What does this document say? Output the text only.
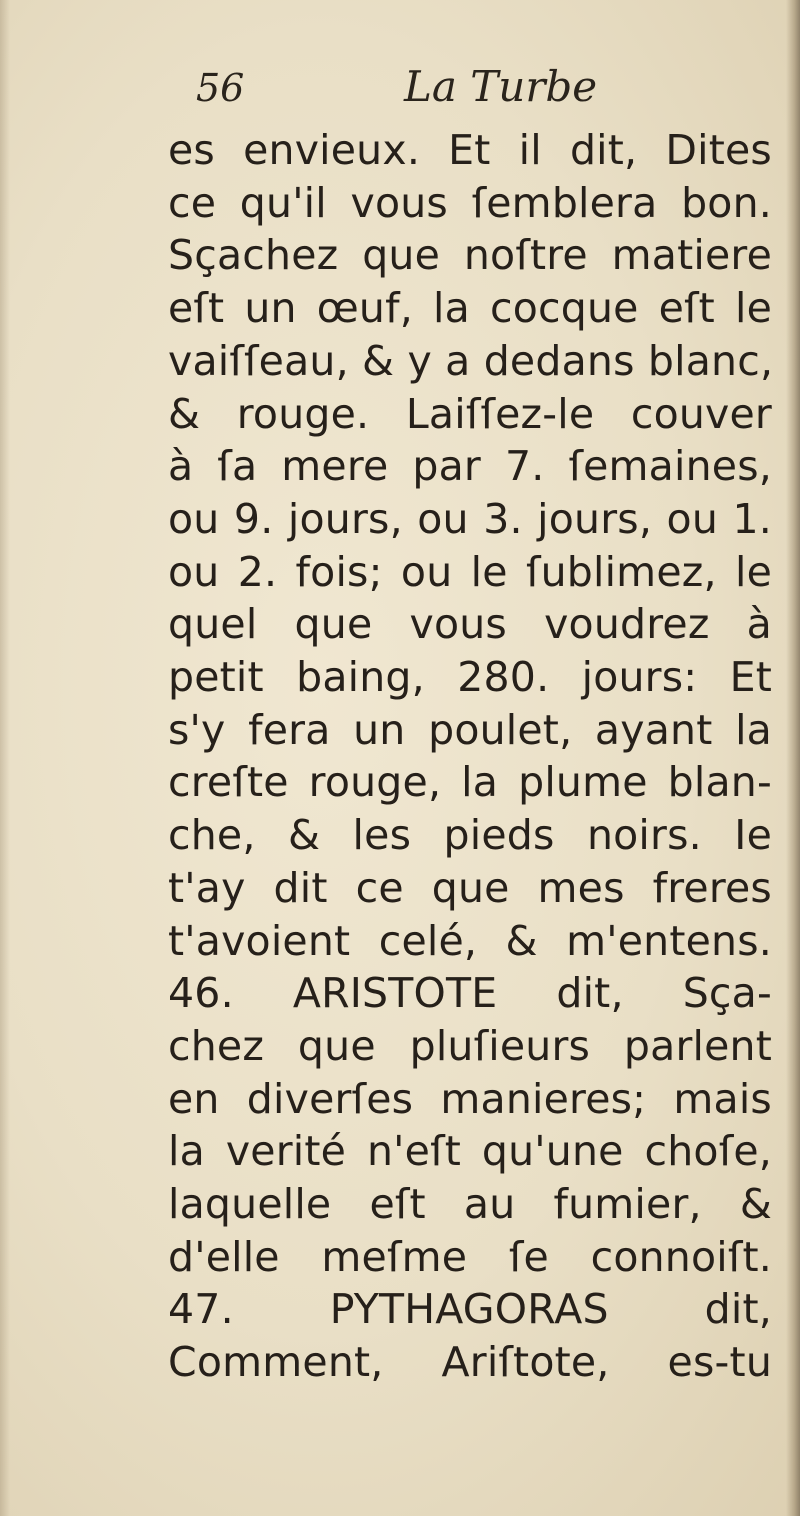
56	La Turbe
es envieux. Et il dit, Dites
ce qu'il vous ſemblera bon.
Sçachez que noſtre matiere
eſt un œuf, la cocque eſt le
vaiſſeau, & y a dedans blanc,
& rouge. Laiſſez-le couver
à ſa mere par 7. ſemaines,
ou 9. jours, ou 3. jours, ou 1.
ou 2. fois; ou le ſublimez, le
quel que vous voudrez à
petit baing, 280. jours: Et
s'y fera un poulet, ayant la
creſte rouge, la plume blan-
che, & les pieds noirs. Ie
t'ay dit ce que mes freres
t'avoient celé, & m'entens.
46. ARISTOTE dit, Sça-
chez que pluſieurs parlent
en diverſes manieres; mais
la verité n'eſt qu'une choſe,
laquelle eſt au fumier, &
d'elle meſme ſe connoiſt.
47. PYTHAGORAS dit,
Comment, Ariſtote, es-tu
